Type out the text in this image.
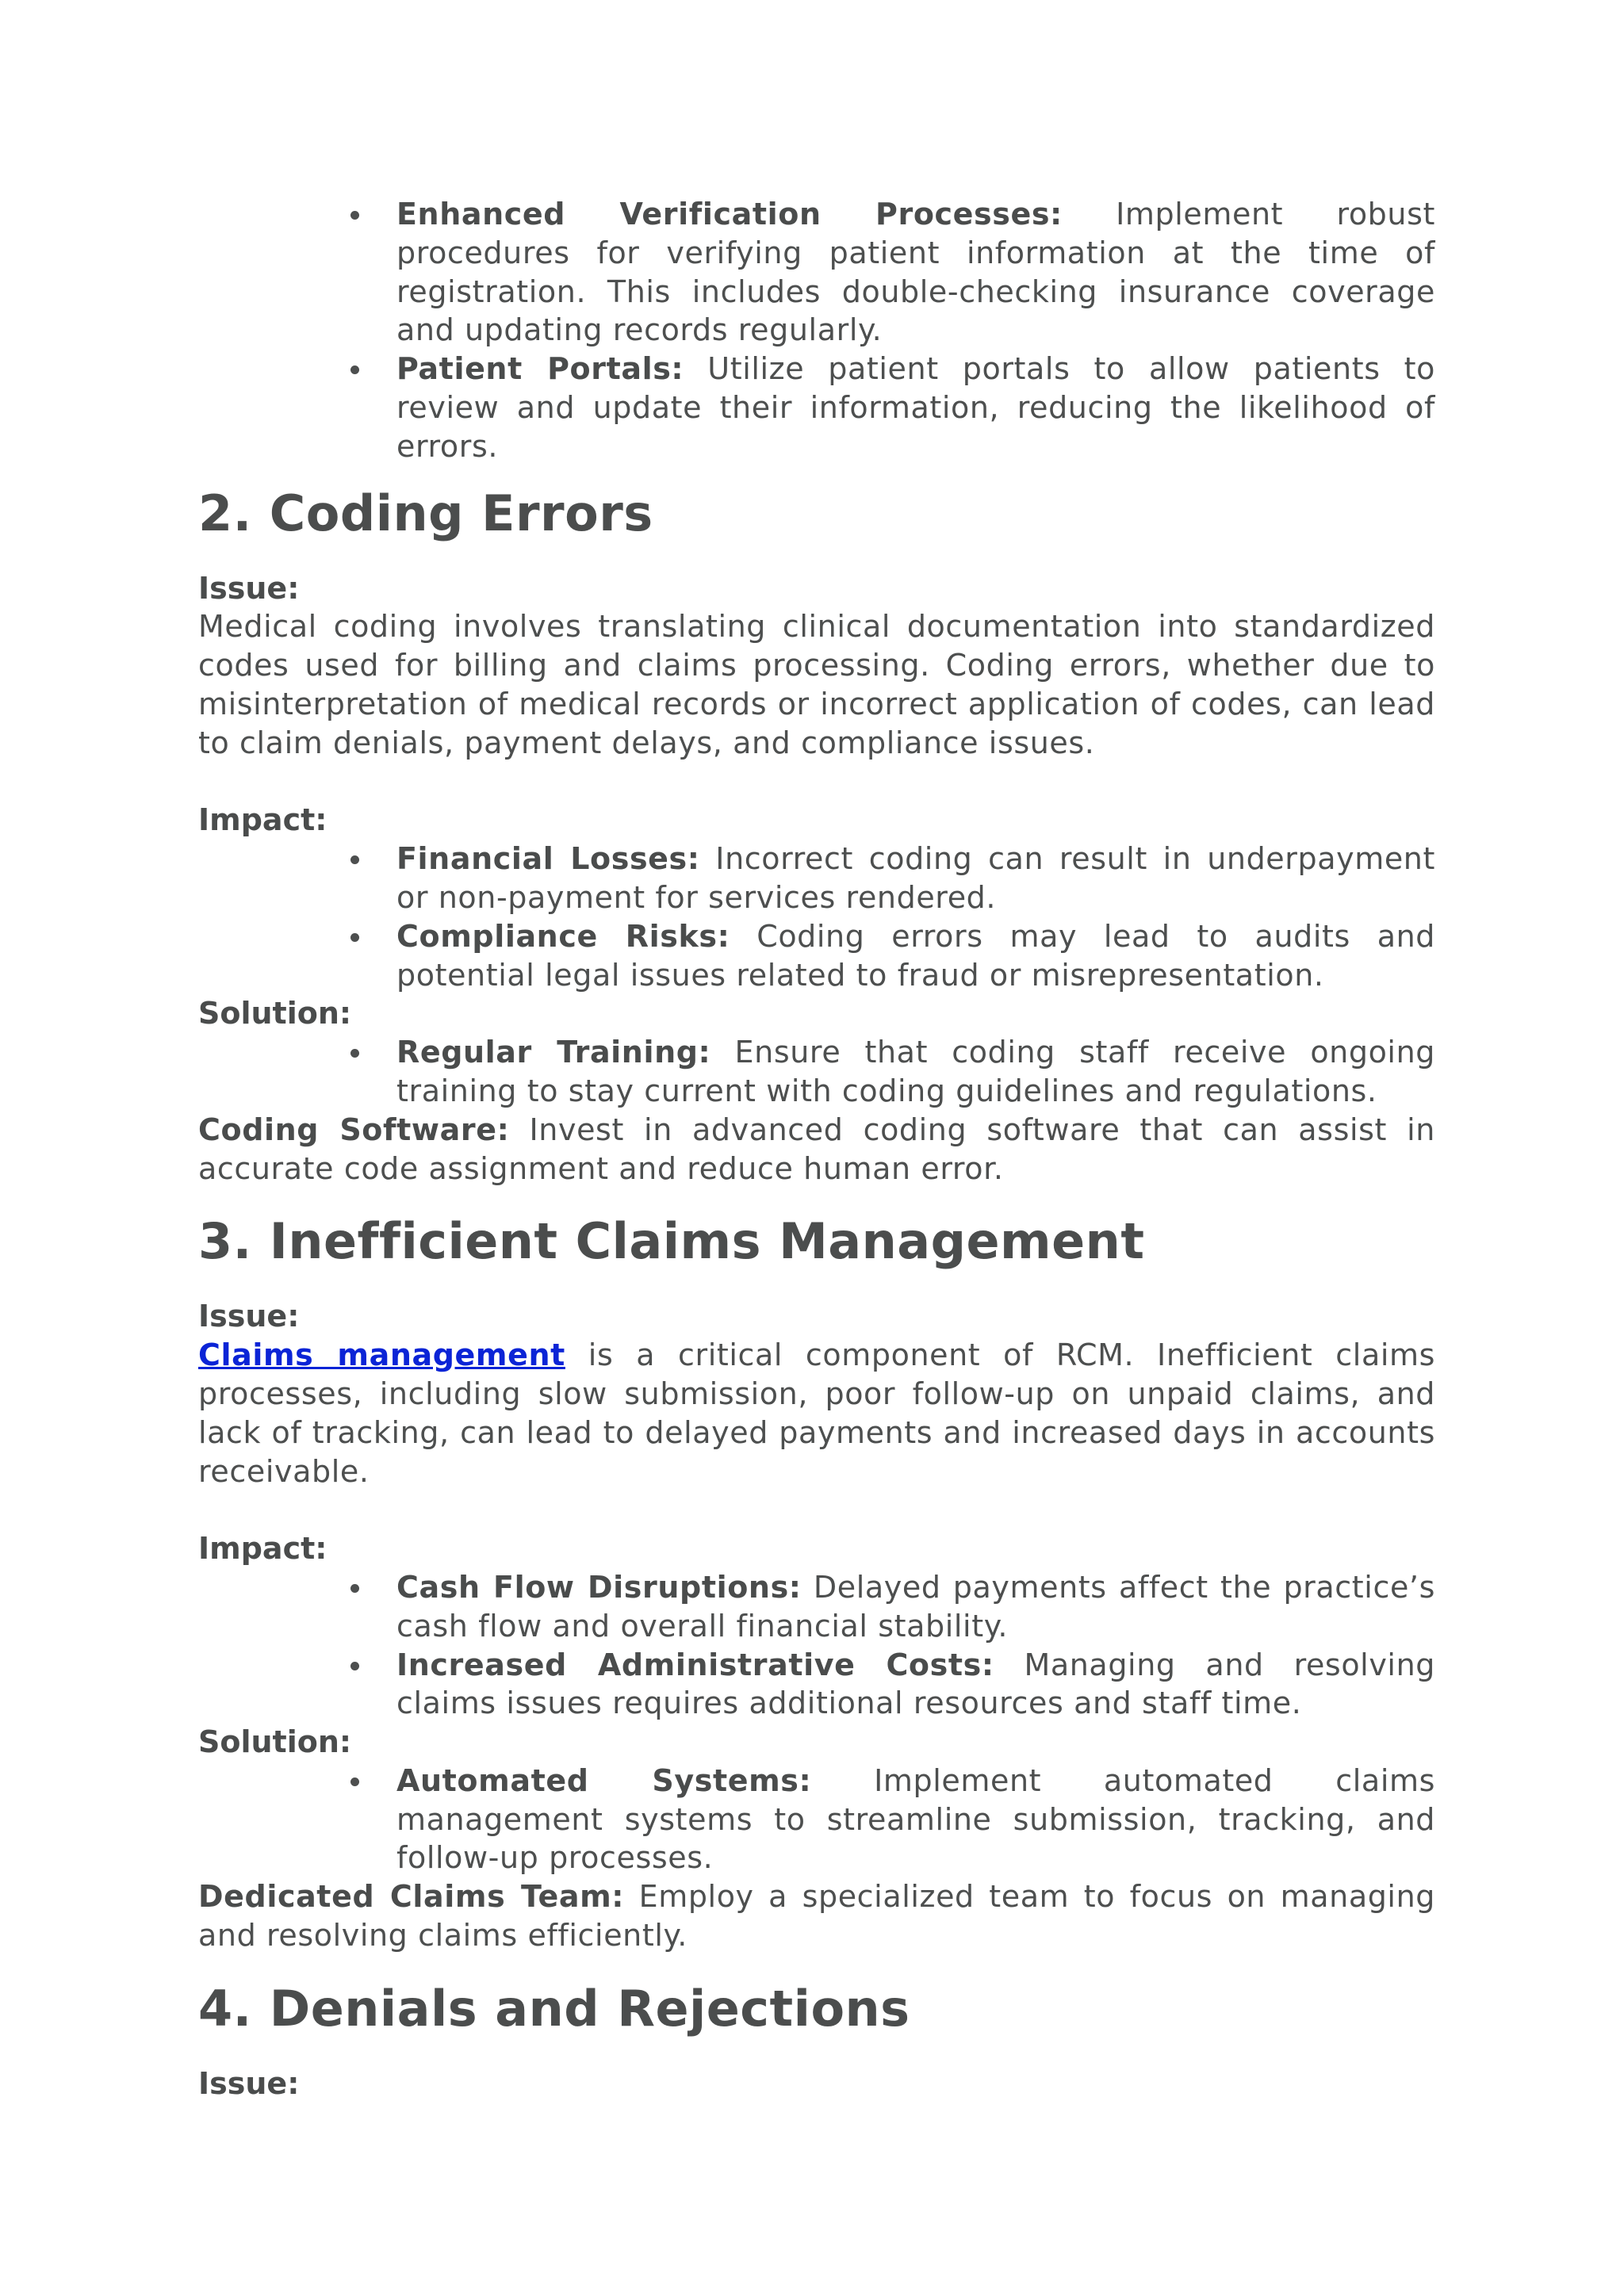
Enhanced Verification Processes: Implement robust procedures for verifying patient information at the time of registration. This includes double-checking insurance coverage and updating records regularly.
Patient Portals: Utilize patient portals to allow patients to review and update their information, reducing the likelihood of errors.
2. Coding Errors
Issue:

Medical coding involves translating clinical documentation into standardized codes used for billing and claims processing. Coding errors, whether due to misinterpretation of medical records or incorrect application of codes, can lead to claim denials, payment delays, and compliance issues.

Impact:
Financial Losses: Incorrect coding can result in underpayment or non-payment for services rendered.
Compliance Risks: Coding errors may lead to audits and potential legal issues related to fraud or misrepresentation.
Solution:
Regular Training: Ensure that coding staff receive ongoing training to stay current with coding guidelines and regulations.

Coding Software: Invest in advanced coding software that can assist in accurate code assignment and reduce human error.

3. Inefficient Claims Management
Issue:

Claims management is a critical component of RCM. Inefficient claims processes, including slow submission, poor follow-up on unpaid claims, and lack of tracking, can lead to delayed payments and increased days in accounts receivable.

Impact:
Cash Flow Disruptions: Delayed payments affect the practice’s cash flow and overall financial stability.
Increased Administrative Costs: Managing and resolving claims issues requires additional resources and staff time.
Solution:
Automated Systems: Implement automated claims management systems to streamline submission, tracking, and follow-up processes.

Dedicated Claims Team: Employ a specialized team to focus on managing and resolving claims efficiently.

4. Denials and Rejections
Issue:
